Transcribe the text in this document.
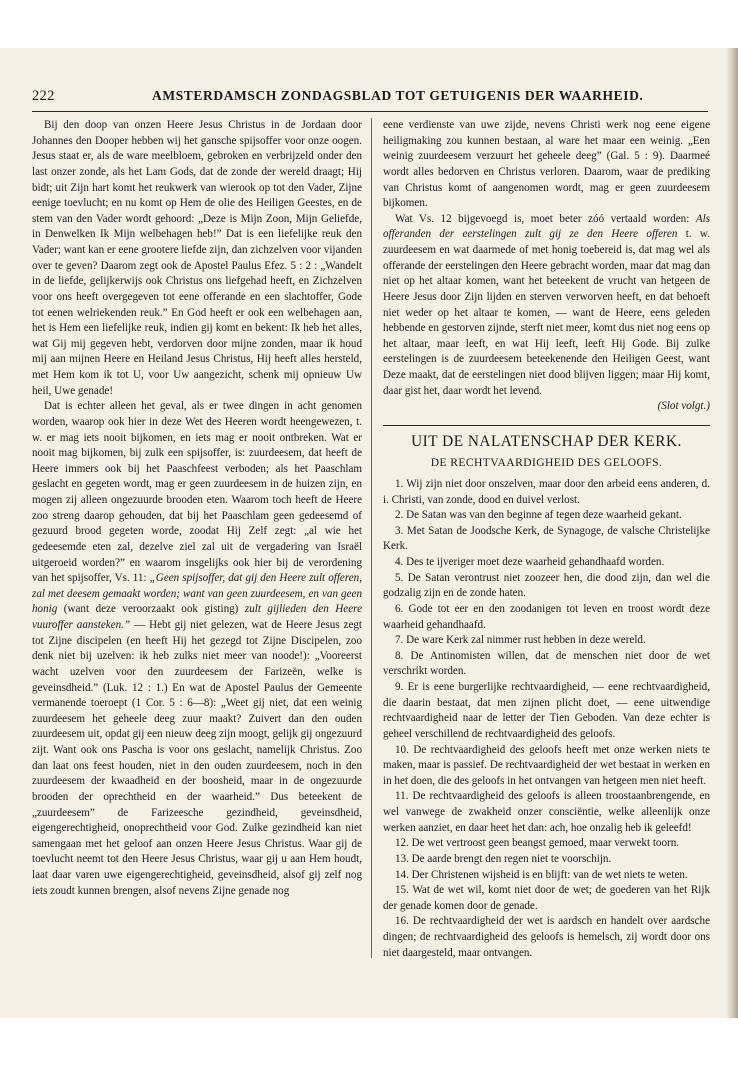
222	AMSTERDAMSCH ZONDAGSBLAD TOT GETUIGENIS DER WAARHEID.

Bij den doop van onzen Heere Jesus Christus in de Jordaan door Johannes den Dooper hebben wij het gansche spijsoffer voor onze oogen. Jesus staat er, als de ware meelbloem, gebroken en verbrijzeld onder den last onzer zonde, als het Lam Gods, dat de zonde der wereld draagt; Hij bidt; uit Zijn hart komt het reukwerk van wierook op tot den Vader, Zijne eenige toevlucht; en nu komt op Hem de olie des Heiligen Geestes, en de stem van den Vader wordt gehoord: „Deze is Mijn Zoon, Mijn Geliefde, in Denwelken Ik Mijn welbehagen heb!” Dat is een liefelijke reuk den Vader; want kan er eene grootere liefde zijn, dan zichzelven voor vijanden over te geven? Daarom zegt ook de Apostel Paulus Efez. 5 : 2 : „Wandelt in de liefde, gelijkerwijs ook Christus ons liefgehad heeft, en Zichzelven voor ons heeft overgegeven tot eene offerande en een slachtoffer, Gode tot eenen welriekenden reuk.” En God heeft er ook een welbehagen aan, het is Hem een liefelijke reuk, indien gij komt en bekent: Ik heb het alles, wat Gij mij gegeven hebt, verdorven door mijne zonden, maar ik houd mij aan mijnen Heere en Heiland Jesus Christus, Hij heeft alles hersteld, met Hem kom ik tot U, voor Uw aangezicht, schenk mij opnieuw Uw heil, Uwe genade!

Dat is echter alleen het geval, als er twee dingen in acht genomen worden, waarop ook hier in deze Wet des Heeren wordt heengewezen, t. w. er mag iets nooit bijkomen, en iets mag er nooit ontbreken. Wat er nooit mag bijkomen, bij zulk een spijsoffer, is: zuurdeesem, dat heeft de Heere immers ook bij het Paaschfeest verboden; als het Paaschlam geslacht en gegeten wordt, mag er geen zuurdeesem in de huizen zijn, en mogen zij alleen ongezuurde brooden eten. Waarom toch heeft de Heere zoo streng daarop gehouden, dat bij het Paaschlam geen gedeesemd of gezuurd brood gegeten worde, zoodat Hij Zelf zegt: „al wie het gedeesemde eten zal, dezelve ziel zal uit de vergadering van Israël uitgeroeid worden?” en waarom insgelijks ook hier bij de verordening van het spijsoffer, Vs. 11: „Geen spijsoffer, dat gij den Heere zult offeren, zal met deesem gemaakt worden; want van geen zuurdeesem, en van geen honig (want deze veroorzaakt ook gisting) zult gijlieden den Heere vuuroffer aansteken.” — Hebt gij niet gelezen, wat de Heere Jesus zegt tot Zijne discipelen (en heeft Hij het gezegd tot Zijne Discipelen, zoo denk niet bij uzelven: ik heb zulks niet meer van noode!): „Vooreerst wacht uzelven voor den zuurdeesem der Farizeën, welke is geveinsdheid.” (Luk. 12 : 1.) En wat de Apostel Paulus der Gemeente vermanende toeroept (1 Cor. 5 : 6—8): „Weet gij niet, dat een weinig zuurdeesem het geheele deeg zuur maakt? Zuivert dan den ouden zuurdeesem uit, opdat gij een nieuw deeg zijn moogt, gelijk gij ongezuurd zijt. Want ook ons Pascha is voor ons geslacht, namelijk Christus. Zoo dan laat ons feest houden, niet in den ouden zuurdeesem, noch in den zuurdeesem der kwaadheid en der boosheid, maar in de ongezuurde brooden der oprechtheid en der waarheid.” Dus beteekent de „zuurdeesem” de Farizeesche gezindheid, geveinsdheid, eigengerechtigheid, onoprechtheid voor God. Zulke gezindheid kan niet samengaan met het geloof aan onzen Heere Jesus Christus. Waar gij de toevlucht neemt tot den Heere Jesus Christus, waar gij u aan Hem houdt, laat daar varen uwe eigengerechtigheid, geveinsdheid, alsof gij zelf nog iets zoudt kunnen brengen, alsof nevens Zijne genade nog

eene verdienste van uwe zijde, nevens Christi werk nog eene eigene heiligmaking zou kunnen bestaan, al ware het maar een weinig. „Een weinig zuurdeesem verzuurt het geheele deeg” (Gal. 5 : 9). Daarmeé wordt alles bedorven en Christus verloren. Daarom, waar de prediking van Christus komt of aangenomen wordt, mag er geen zuurdeesem bijkomen.

Wat Vs. 12 bijgevoegd is, moet beter zóó vertaald worden: Als offeranden der eerstelingen zult gij ze den Heere offeren t. w. zuurdeesem en wat daarmede of met honig toebereid is, dat mag wel als offerande der eerstelingen den Heere gebracht worden, maar dat mag dan niet op het altaar komen, want het beteekent de vrucht van hetgeen de Heere Jesus door Zijn lijden en sterven verworven heeft, en dat behoeft niet weder op het altaar te komen, — want de Heere, eens geleden hebbende en gestorven zijnde, sterft niet meer, komt dus niet nog eens op het altaar, maar leeft, en wat Hij leeft, leeft Hij Gode. Bij zulke eerstelingen is de zuurdeesem beteekenende den Heiligen Geest, want Deze maakt, dat de eerstelingen niet dood blijven liggen; maar Hij komt, daar gist het, daar wordt het levend.

(Slot volgt.)

UIT DE NALATENSCHAP DER KERK.
DE RECHTVAARDIGHEID DES GELOOFS.

1. Wij zijn niet door onszelven, maar door den arbeid eens anderen, d. i. Christi, van zonde, dood en duivel verlost.

2. De Satan was van den beginne af tegen deze waarheid gekant.

3. Met Satan de Joodsche Kerk, de Synagoge, de valsche Christelijke Kerk.

4. Des te ijveriger moet deze waarheid gehandhaafd worden.

5. De Satan verontrust niet zoozeer hen, die dood zijn, dan wel die godzalig zijn en de zonde haten.

6. Gode tot eer en den zoodanigen tot leven en troost wordt deze waarheid gehandhaafd.

7. De ware Kerk zal nimmer rust hebben in deze wereld.

8. De Antinomisten willen, dat de menschen niet door de wet verschrikt worden.

9. Er is eene burgerlijke rechtvaardigheid, — eene rechtvaardigheid, die daarin bestaat, dat men zijnen plicht doet, — eene uitwendige rechtvaardigheid naar de letter der Tien Geboden. Van deze echter is geheel verschillend de rechtvaardigheid des geloofs.

10. De rechtvaardigheid des geloofs heeft met onze werken niets te maken, maar is passief. De rechtvaardigheid der wet bestaat in werken en in het doen, die des geloofs in het ontvangen van hetgeen men niet heeft.

11. De rechtvaardigheid des geloofs is alleen troostaanbrengende, en wel vanwege de zwakheid onzer consciëntie, welke alleenlijk onze werken aanziet, en daar heet het dan: ach, hoe onzalig heb ik geleefd!

12. De wet vertroost geen beangst gemoed, maar verwekt toorn.

13. De aarde brengt den regen niet te voorschijn.

14. Der Christenen wijsheid is en blijft: van de wet niets te weten.

15. Wat de wet wil, komt niet door de wet; de goederen van het Rijk der genade komen door de genade.

16. De rechtvaardigheid der wet is aardsch en handelt over aardsche dingen; de rechtvaardigheid des geloofs is hemelsch, zij wordt door ons niet daargesteld, maar ontvangen.
